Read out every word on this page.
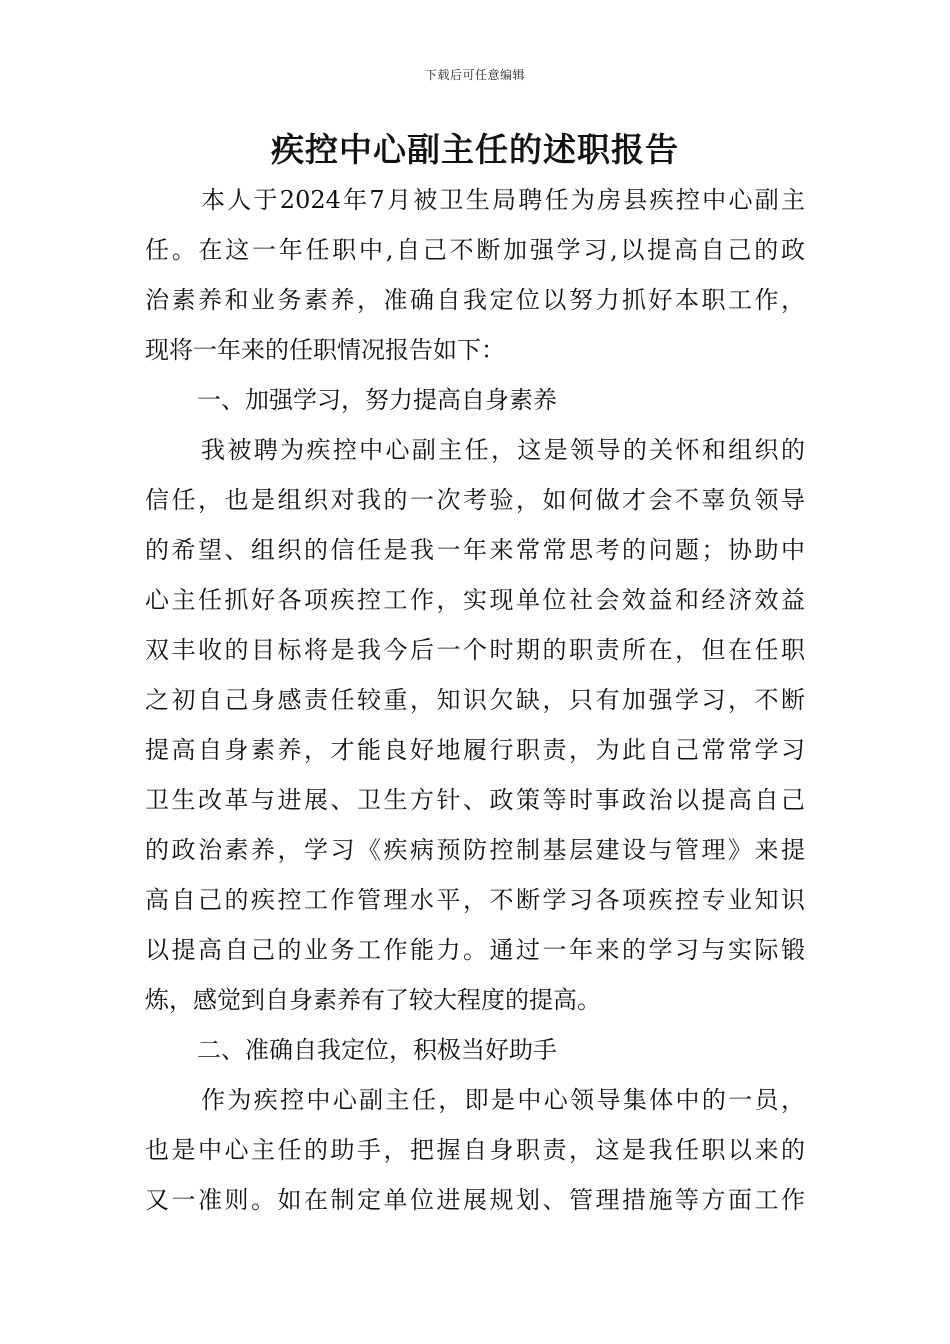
下载后可任意编辑
疾控中心副主任的述职报告
本人于2024年7月被卫生局聘任为房县疾控中心副主
任。在这一年任职中,自己不断加强学习,以提高自己的政
治素养和业务素养，准确自我定位以努力抓好本职工作，
现将一年来的任职情况报告如下：
一、加强学习，努力提高自身素养
我被聘为疾控中心副主任，这是领导的关怀和组织的
信任，也是组织对我的一次考验，如何做才会不辜负领导
的希望、组织的信任是我一年来常常思考的问题；协助中
心主任抓好各项疾控工作，实现单位社会效益和经济效益
双丰收的目标将是我今后一个时期的职责所在，但在任职
之初自己身感责任较重，知识欠缺，只有加强学习，不断
提高自身素养，才能良好地履行职责，为此自己常常学习
卫生改革与进展、卫生方针、政策等时事政治以提高自己
的政治素养，学习《疾病预防控制基层建设与管理》来提
高自己的疾控工作管理水平，不断学习各项疾控专业知识
以提高自己的业务工作能力。通过一年来的学习与实际锻
炼，感觉到自身素养有了较大程度的提高。
二、准确自我定位，积极当好助手
作为疾控中心副主任，即是中心领导集体中的一员，
也是中心主任的助手，把握自身职责，这是我任职以来的
又一准则。如在制定单位进展规划、管理措施等方面工作
